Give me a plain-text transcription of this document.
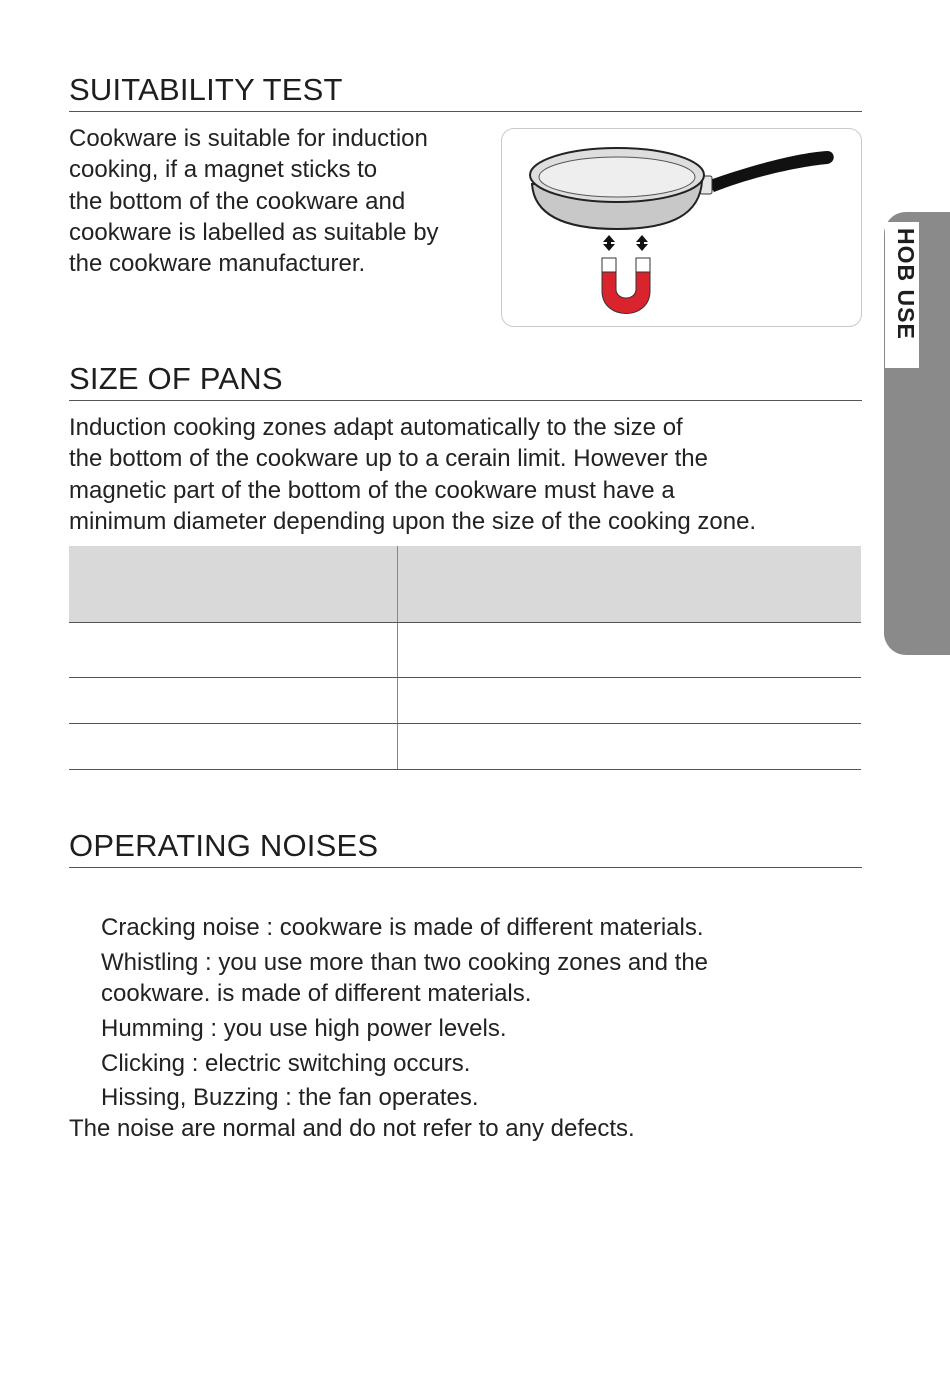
HOB USE
SUITABILITY TEST

Cookware is suitable for induction
cooking, if a magnet sticks to
the bottom of the cookware and
cookware is labelled as suitable by
the cookware manufacturer.

SIZE OF PANS

Induction cooking zones adapt automatically to the size of
the bottom of the cookware up to a cerain limit. However the
magnetic part of the bottom of the cookware must have a
minimum diameter depending upon the size of the cooking zone.

OPERATING NOISES
Cracking noise : cookware is made of different materials.
Whistling : you use more than two cooking zones and the cookware. is made of different materials.
Humming : you use high power levels.
Clicking : electric switching occurs.
Hissing, Buzzing : the fan operates.

The noise are normal and do not refer to any defects.
